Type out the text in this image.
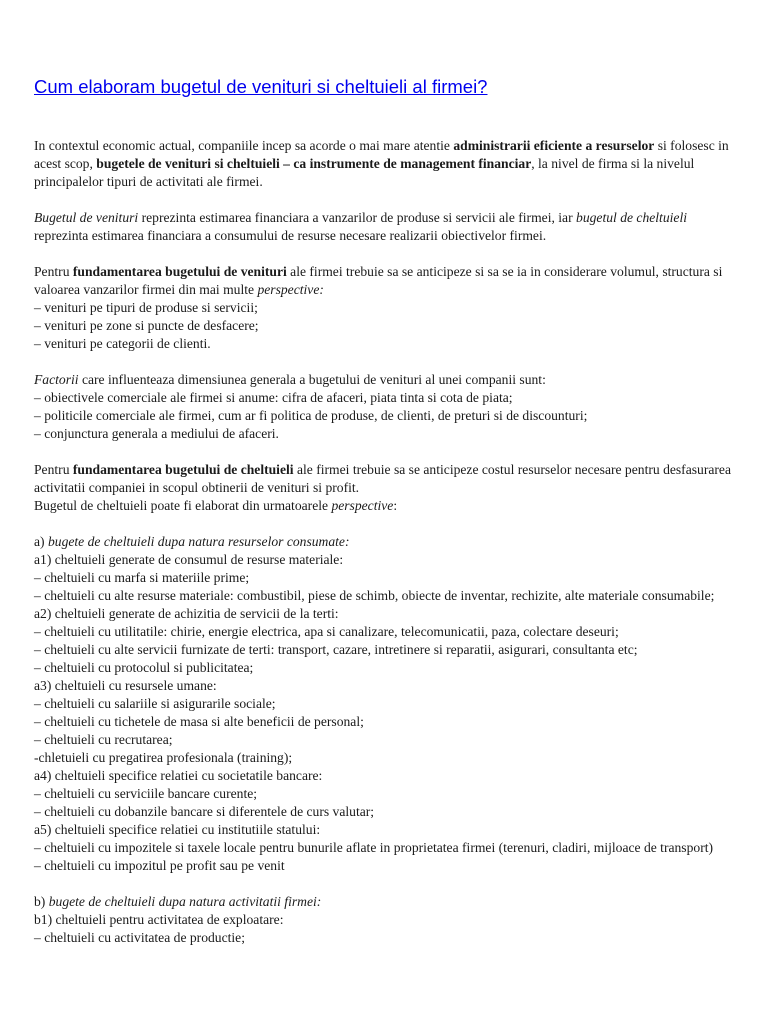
Cum elaboram bugetul de venituri si cheltuieli al firmei?

In contextul economic actual, companiile incep sa acorde o mai mare atentie administrarii eficiente a resurselor si folosesc in acest scop, bugetele de venituri si cheltuieli – ca instrumente de management financiar, la nivel de firma si la nivelul principalelor tipuri de activitati ale firmei.

Bugetul de venituri reprezinta estimarea financiara a vanzarilor de produse si servicii ale firmei, iar bugetul de cheltuieli reprezinta estimarea financiara a consumului de resurse necesare realizarii obiectivelor firmei.

Pentru fundamentarea bugetului de venituri ale firmei trebuie sa se anticipeze si sa se ia in considerare volumul, structura si valoarea vanzarilor firmei din mai multe perspective:
– venituri pe tipuri de produse si servicii;
– venituri pe zone si puncte de desfacere;
– venituri pe categorii de clienti.

Factorii care influenteaza dimensiunea generala a bugetului de venituri al unei companii sunt:
– obiectivele comerciale ale firmei si anume: cifra de afaceri, piata tinta si cota de piata;
– politicile comerciale ale firmei, cum ar fi politica de produse, de clienti, de preturi si de discounturi;
– conjunctura generala a mediului de afaceri.

Pentru fundamentarea bugetului de cheltuieli ale firmei trebuie sa se anticipeze costul resurselor necesare pentru desfasurarea activitatii companiei in scopul obtinerii de venituri si profit.
Bugetul de cheltuieli poate fi elaborat din urmatoarele perspective:

a) bugete de cheltuieli dupa natura resurselor consumate:
a1) cheltuieli generate de consumul de resurse materiale:
– cheltuieli cu marfa si materiile prime;
– cheltuieli cu alte resurse materiale: combustibil, piese de schimb, obiecte de inventar, rechizite, alte materiale consumabile;
a2) cheltuieli generate de achizitia de servicii de la terti:
– cheltuieli cu utilitatile: chirie, energie electrica, apa si canalizare, telecomunicatii, paza, colectare deseuri;
– cheltuieli cu alte servicii furnizate de terti: transport, cazare, intretinere si reparatii, asigurari, consultanta etc;
– cheltuieli cu protocolul si publicitatea;
a3) cheltuieli cu resursele umane:
– cheltuieli cu salariile si asigurarile sociale;
– cheltuieli cu tichetele de masa si alte beneficii de personal;
– cheltuieli cu recrutarea;
-chletuieli cu pregatirea profesionala (training);
a4) cheltuieli specifice relatiei cu societatile bancare:
– cheltuieli cu serviciile bancare curente;
– cheltuieli cu dobanzile bancare si diferentele de curs valutar;
a5) cheltuieli specifice relatiei cu institutiile statului:
– cheltuieli cu impozitele si taxele locale pentru bunurile aflate in proprietatea firmei (terenuri, cladiri, mijloace de transport)
– cheltuieli cu impozitul pe profit sau pe venit

b) bugete de cheltuieli dupa natura activitatii firmei:
b1) cheltuieli pentru activitatea de exploatare:
– cheltuieli cu activitatea de productie;
